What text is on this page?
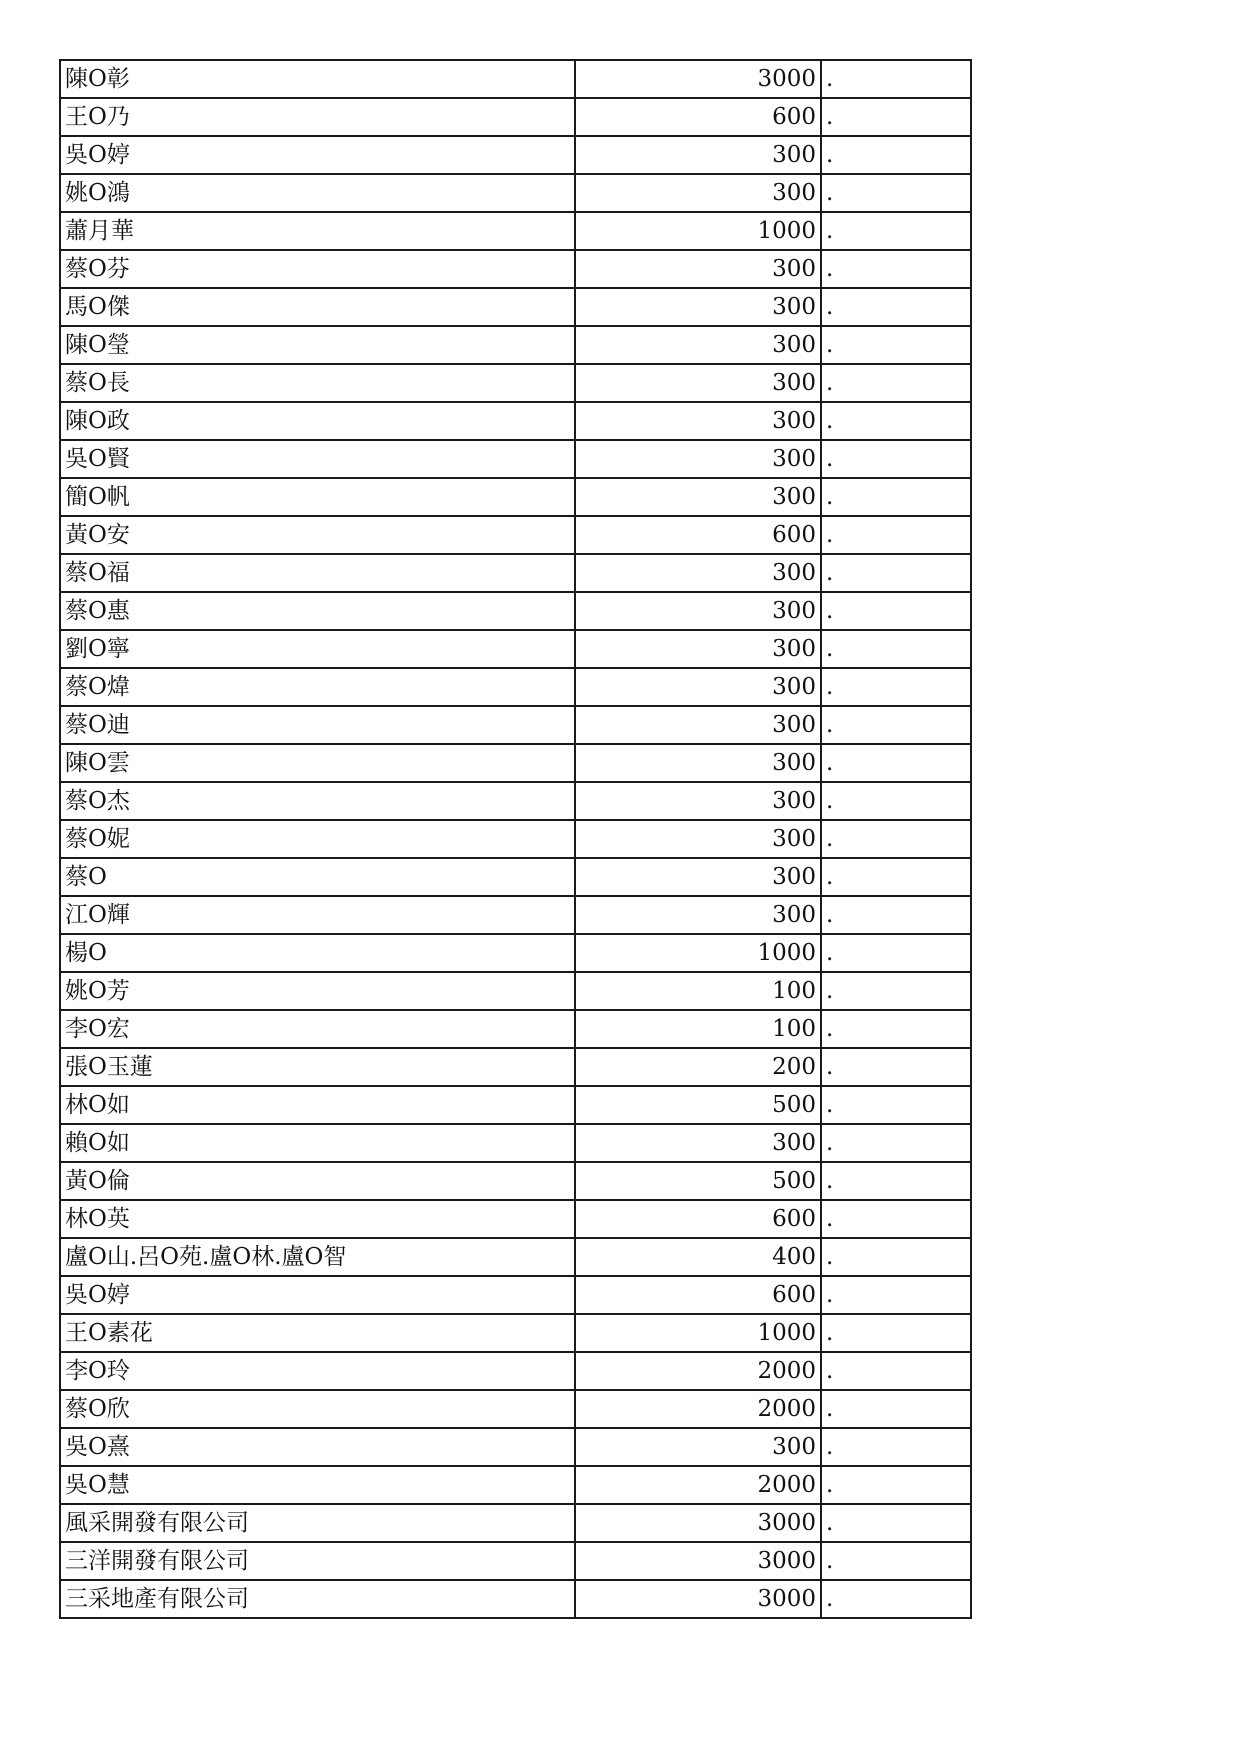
陳O彰	3000	.
王O乃	600	.
吳O婷	300	.
姚O鴻	300	.
蕭月華	1000	.
蔡O芬	300	.
馬O傑	300	.
陳O瑩	300	.
蔡O長	300	.
陳O政	300	.
吳O賢	300	.
簡O帆	300	.
黃O安	600	.
蔡O福	300	.
蔡O惠	300	.
劉O寧	300	.
蔡O煒	300	.
蔡O迪	300	.
陳O雲	300	.
蔡O杰	300	.
蔡O妮	300	.
蔡O	300	.
江O輝	300	.
楊O	1000	.
姚O芳	100	.
李O宏	100	.
張O玉蓮	200	.
林O如	500	.
賴O如	300	.
黃O倫	500	.
林O英	600	.
盧O山.呂O苑.盧O林.盧O智	400	.
吳O婷	600	.
王O素花	1000	.
李O玲	2000	.
蔡O欣	2000	.
吳O熹	300	.
吳O慧	2000	.
風采開發有限公司	3000	.
三洋開發有限公司	3000	.
三采地產有限公司	3000	.
